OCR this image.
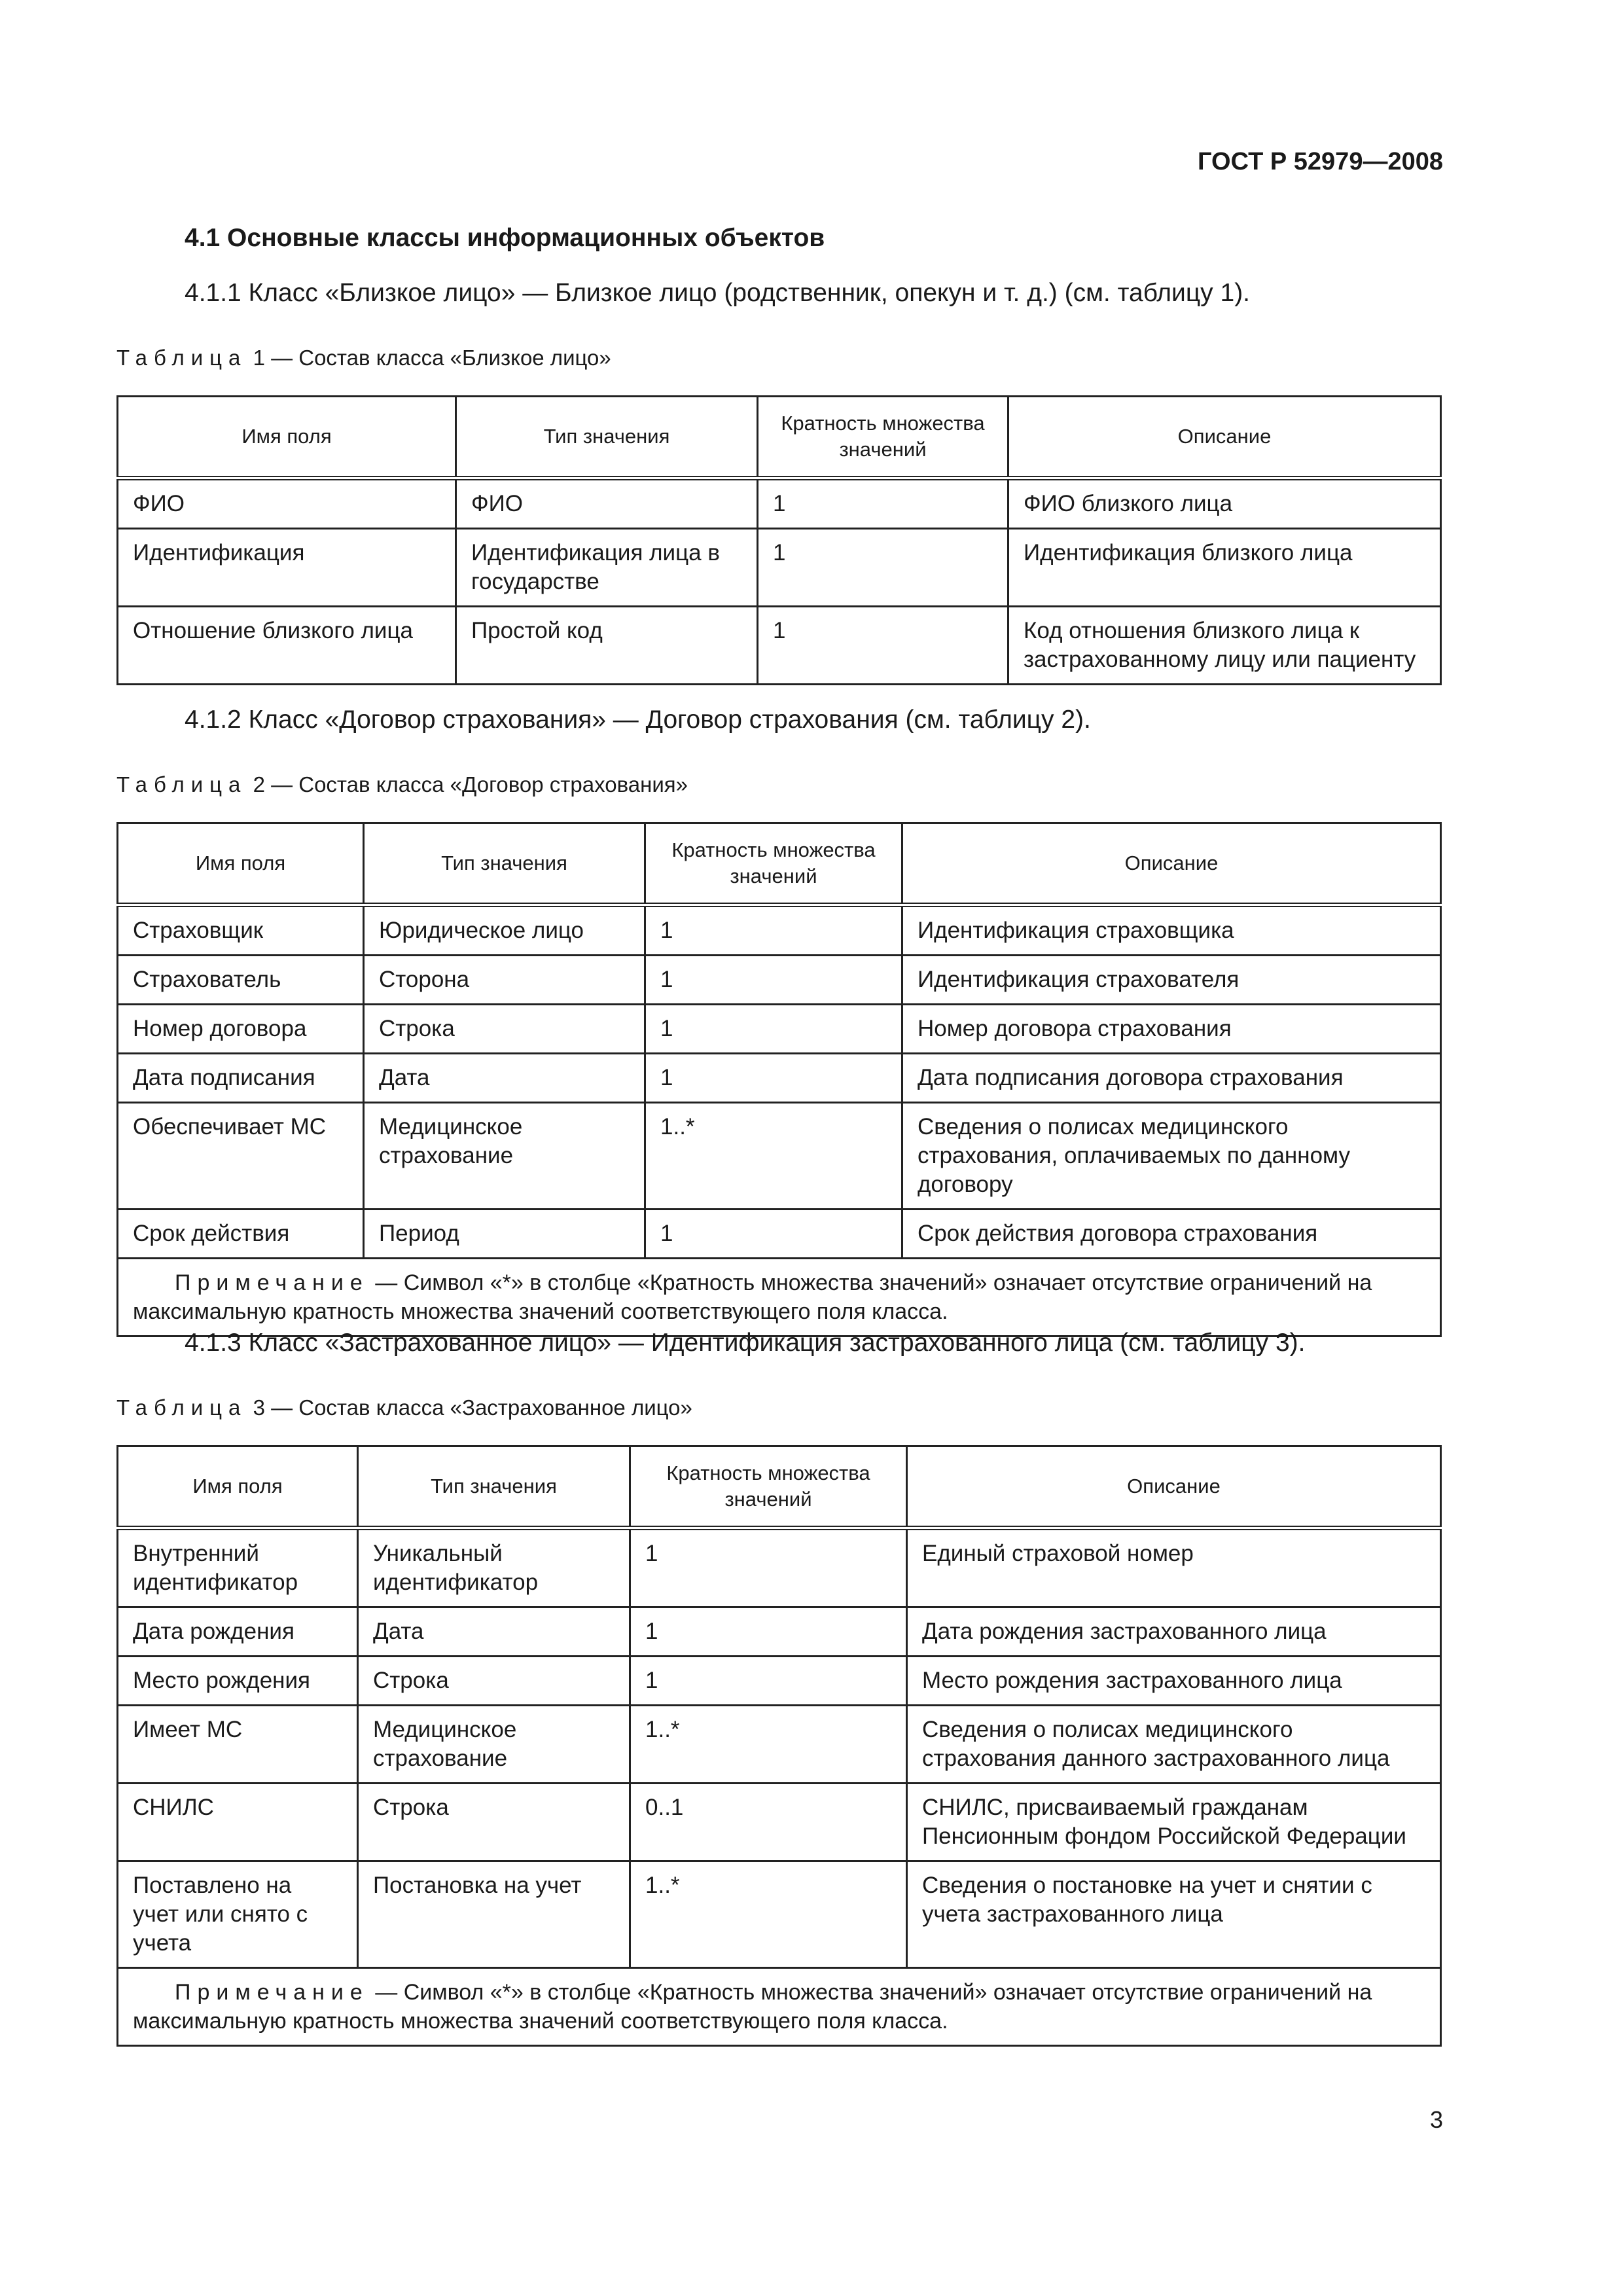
ГОСТ Р 52979—2008
4.1 Основные классы информационных объектов
4.1.1 Класс «Близкое лицо» — Близкое лицо (родственник, опекун и т. д.) (см. таблицу 1).
Таблица 1 — Состав класса «Близкое лицо»
Имя поля	Тип значения	Кратность множества значений	Описание
ФИО	ФИО	1	ФИО близкого лица
Идентификация	Идентификация лица в государстве	1	Идентификация близкого лица
Отношение близкого лица	Простой код	1	Код отношения близкого лица к застрахованному лицу или пациенту
4.1.2 Класс «Договор страхования» — Договор страхования (см. таблицу 2).
Таблица 2 — Состав класса «Договор страхования»
Имя поля	Тип значения	Кратность множества значений	Описание
Страховщик	Юридическое лицо	1	Идентификация страховщика
Страхователь	Сторона	1	Идентификация страхователя
Номер договора	Строка	1	Номер договора страхования
Дата подписания	Дата	1	Дата подписания договора страхования
Обеспечивает МС	Медицинское страхование	1..*	Сведения о полисах медицинского страхования, оплачиваемых по данному договору
Срок действия	Период	1	Срок действия договора страхования
Примечание — Символ «*» в столбце «Кратность множества значений» означает отсутствие ограничений на максимальную кратность множества значений соответствующего поля класса.			
4.1.3 Класс «Застрахованное лицо» — Идентификация застрахованного лица (см. таблицу 3).
Таблица 3 — Состав класса «Застрахованное лицо»
Имя поля	Тип значения	Кратность множества значений	Описание
Внутренний идентификатор	Уникальный идентификатор	1	Единый страховой номер
Дата рождения	Дата	1	Дата рождения застрахованного лица
Место рождения	Строка	1	Место рождения застрахованного лица
Имеет МС	Медицинское страхование	1..*	Сведения о полисах медицинского страхования данного застрахованного лица
СНИЛС	Строка	0..1	СНИЛС, присваиваемый гражданам Пенсионным фондом Российской Федерации
Поставлено на учет или снято с учета	Постановка на учет	1..*	Сведения о постановке на учет и снятии с учета застрахованного лица
Примечание — Символ «*» в столбце «Кратность множества значений» означает отсутствие ограничений на максимальную кратность множества значений соответствующего поля класса.			
3
